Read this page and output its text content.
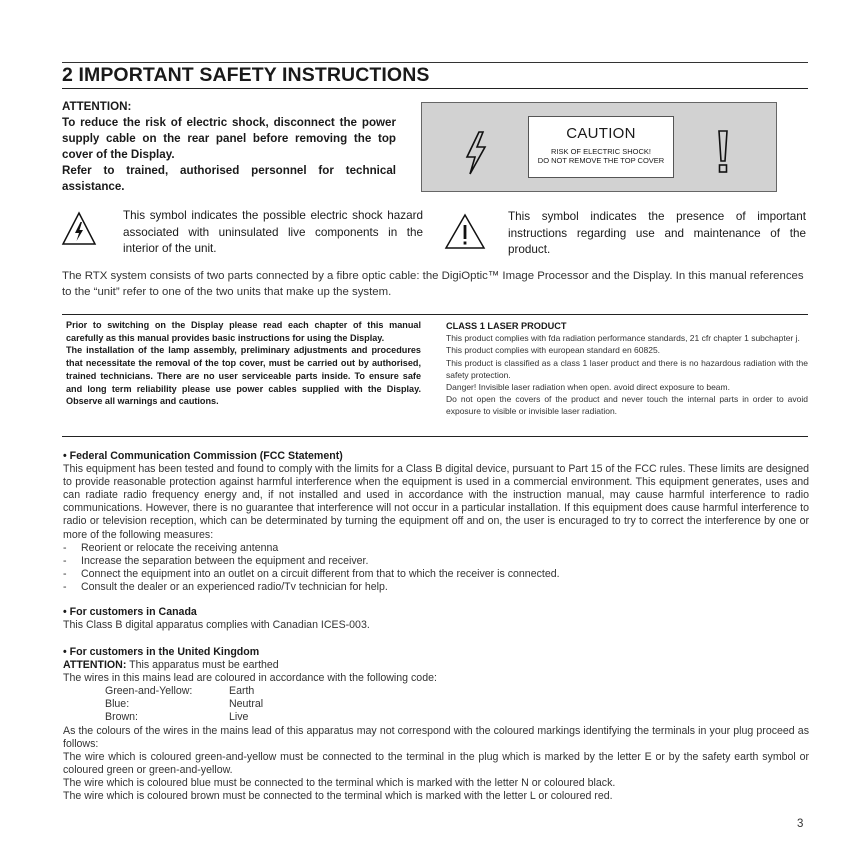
2 IMPORTANT SAFETY INSTRUCTIONS
ATTENTION:
To reduce the risk of electric shock, disconnect the power supply cable on the rear panel before removing the top cover of the Display.
Refer to trained, authorised personnel for technical assistance.
CAUTION
RISK OF ELECTRIC SHOCK!
DO NOT REMOVE THE TOP COVER
This symbol indicates the possible electric shock hazard associated with uninsulated live components in the interior of the unit.
This symbol indicates the presence of important instructions regarding use and maintenance of the product.
The RTX system consists of two parts connected by a fibre optic cable: the DigiOptic™ Image Processor and the Display. In this manual references to the “unit” refer to one of the two units that make up the system.
Prior to switching on the Display please read each chapter of this manual carefully as this manual provides basic instructions for using the Display.
The installation of the lamp assembly, preliminary adjustments and procedures that necessitate the removal of the top cover, must be carried out by authorised, trained technicians. There are no user serviceable parts inside. To ensure safe and long term reliability please use power cables supplied with the Display. Observe all warnings and cautions.
CLASS 1 LASER PRODUCT
This product complies with fda radiation performance standards, 21 cfr chapter 1 subchapter j.
This product complies with european standard en 60825.
This product is classified as a class 1 laser product and there is no hazardous radiation with the safety protection.
Danger! Invisible laser radiation when open. avoid direct exposure to beam.
Do not open the covers of the product and never touch the internal parts in order to avoid exposure to visible or invisible laser radiation.
• Federal Communication Commission (FCC Statement)
This equipment has been tested and found to comply with the limits for a Class B digital device, pursuant to Part 15 of the FCC rules. These limits are designed to provide reasonable protection against harmful interference when the equipment is used in a commercial environment. This equipment generates, uses and can radiate radio frequency energy and, if not installed and used in accordance with the instruction manual, may cause harmful interference to radio communications. However, there is no guarantee that interference will not occur in a particular installation. If this equipment does cause harmful interference to radio or television reception, which can be determinated by turning the equipment off and on, the user is encuraged to try to correct the interference by one or more of the following measures:
-	Reorient or relocate the receiving antenna
-	Increase the separation between the equipment and receiver.
-	Connect the equipment into an outlet on a circuit different from that to which the receiver is connected.
-	Consult the dealer or an experienced radio/Tv technician for help.
• For customers in Canada
This Class B digital apparatus complies with Canadian ICES-003.
• For customers in the United Kingdom
ATTENTION: This apparatus must be earthed
The wires in this mains lead are coloured in accordance with the following code:
Green-and-Yellow:	Earth
Blue:	Neutral
Brown:	Live
As the colours of the wires in the mains lead of this apparatus may not correspond with the coloured markings identifying the terminals in your plug proceed as follows:
The wire which is coloured green-and-yellow must be connected to the terminal in the plug which is marked by the letter E or by the safety earth symbol or coloured green or green-and-yellow.
The wire which is coloured blue must be connected to the terminal which is marked with the letter N or coloured black.
The wire which is coloured brown must be connected to the terminal which is marked with the letter L or coloured red.
3
